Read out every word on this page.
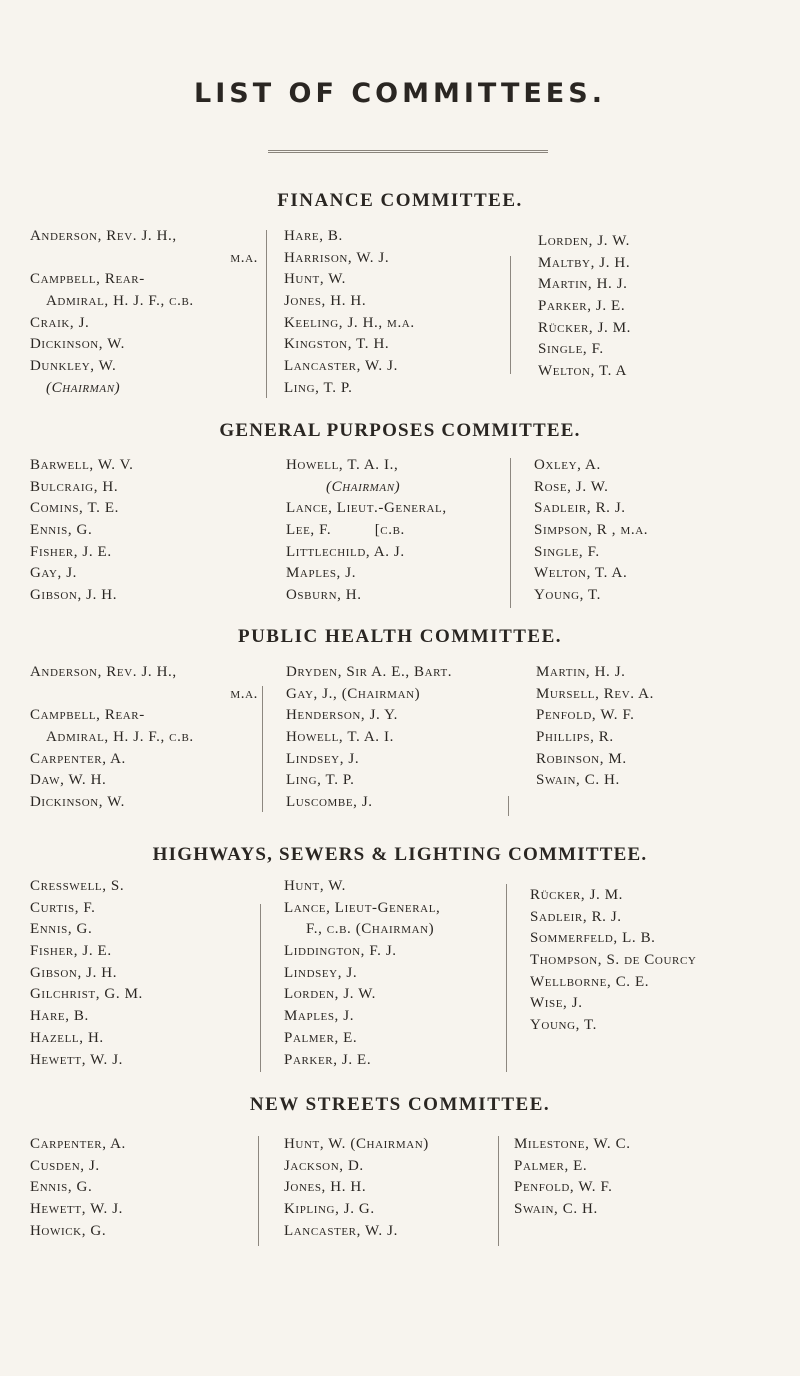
LIST OF COMMITTEES.
FINANCE COMMITTEE.
Anderson, Rev. J. H.,
m.a.
Campbell, Rear-
Admiral, H. J. F., c.b.
Craik, J.
Dickinson, W.
Dunkley, W.
(Chairman)
Hare, B.
Harrison, W. J.
Hunt, W.
Jones, H. H.
Keeling, J. H., m.a.
Kingston, T. H.
Lancaster, W. J.
Ling, T. P.
Lorden, J. W.
Maltby, J. H.
Martin, H. J.
Parker, J. E.
Rücker, J. M.
Single, F.
Welton, T. A
GENERAL PURPOSES COMMITTEE.
Barwell, W. V.
Bulcraig, H.
Comins, T. E.
Ennis, G.
Fisher, J. E.
Gay, J.
Gibson, J. H.
Howell, T. A. I.,
(Chairman)
Lance, Lieut.-General,
Lee, F.          [c.b.
Littlechild, A. J.
Maples, J.
Osburn, H.
Oxley, A.
Rose, J. W.
Sadleir, R. J.
Simpson, R , m.a.
Single, F.
Welton, T. A.
Young, T.
PUBLIC HEALTH COMMITTEE.
Anderson, Rev. J. H.,
m.a.
Campbell, Rear-
Admiral, H. J. F., c.b.
Carpenter, A.
Daw, W. H.
Dickinson, W.
Dryden, Sir A. E., Bart.
Gay, J., (Chairman)
Henderson, J. Y.
Howell, T. A. I.
Lindsey, J.
Ling, T. P.
Luscombe, J.
Martin, H. J.
Mursell, Rev. A.
Penfold, W. F.
Phillips, R.
Robinson, M.
Swain, C. H.
HIGHWAYS, SEWERS & LIGHTING COMMITTEE.
Cresswell, S.
Curtis, F.
Ennis, G.
Fisher, J. E.
Gibson, J. H.
Gilchrist, G. M.
Hare, B.
Hazell, H.
Hewett, W. J.
Hunt, W.
Lance, Lieut-General,
F., c.b. (Chairman)
Liddington, F. J.
Lindsey, J.
Lorden, J. W.
Maples, J.
Palmer, E.
Parker, J. E.
Rücker, J. M.
Sadleir, R. J.
Sommerfeld, L. B.
Thompson, S. de Courcy
Wellborne, C. E.
Wise, J.
Young, T.
NEW STREETS COMMITTEE.
Carpenter, A.
Cusden, J.
Ennis, G.
Hewett, W. J.
Howick, G.
Hunt, W. (Chairman)
Jackson, D.
Jones, H. H.
Kipling, J. G.
Lancaster, W. J.
Milestone, W. C.
Palmer, E.
Penfold, W. F.
Swain, C. H.
